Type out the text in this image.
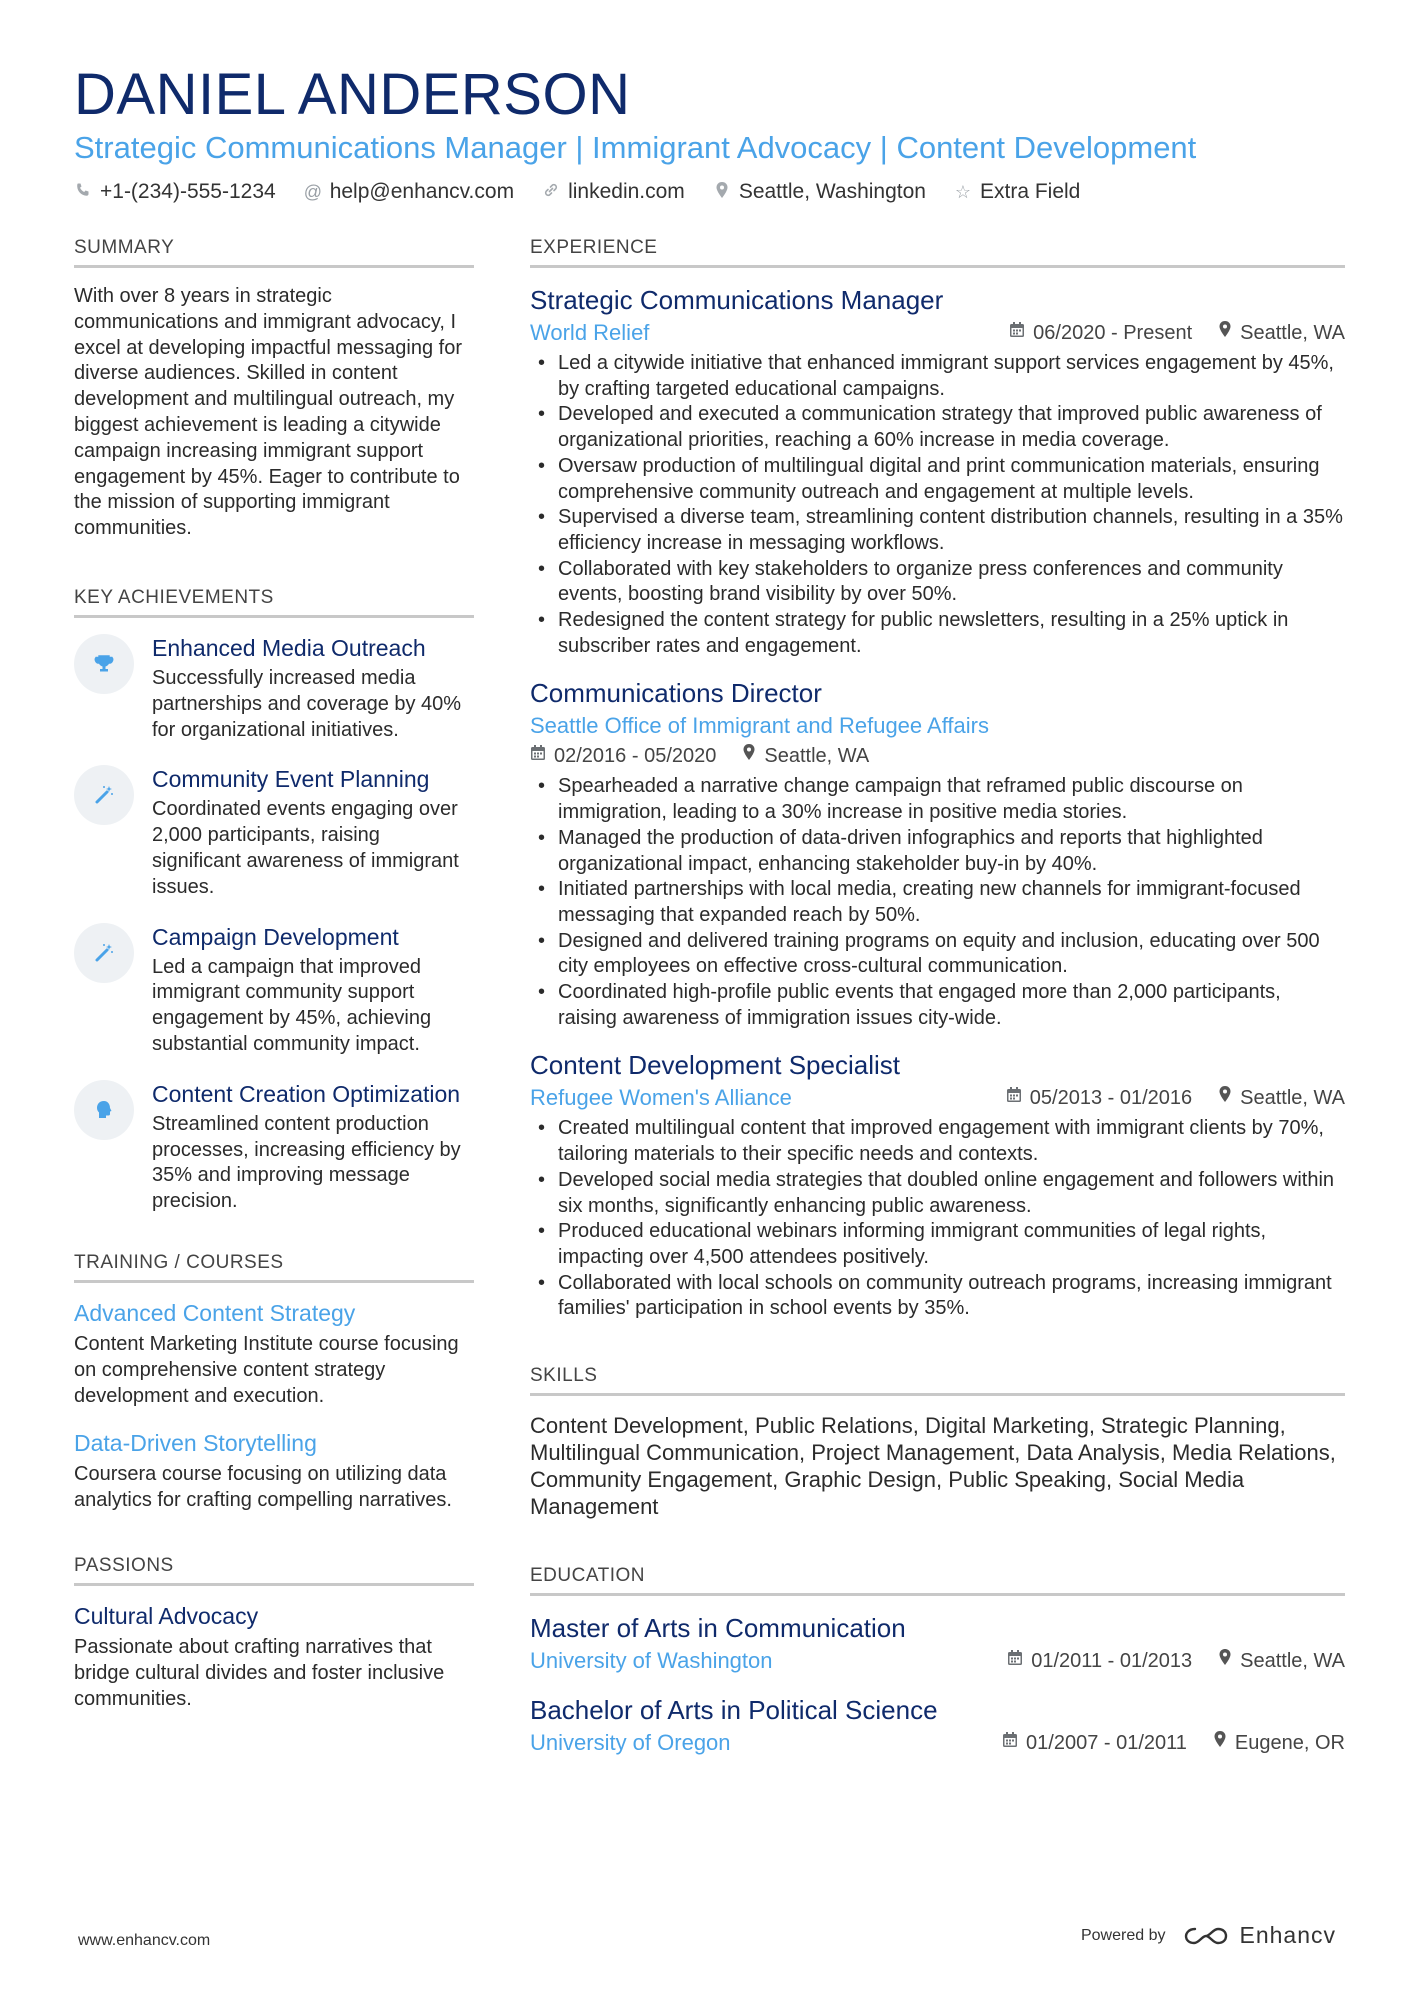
DANIEL ANDERSON
Strategic Communications Manager | Immigrant Advocacy | Content Development
+1-(234)-555-1234 @ help@enhancv.com	linkedin.com	Seattle, Washington ☆ Extra Field
SUMMARY
With over 8 years in strategic communications and immigrant advocacy, I excel at developing impactful messaging for diverse audiences. Skilled in content development and multilingual outreach, my biggest achievement is leading a citywide campaign increasing immigrant support engagement by 45%. Eager to contribute to the mission of supporting immigrant communities.
KEY ACHIEVEMENTS
Enhanced Media Outreach
Successfully increased media partnerships and coverage by 40% for organizational initiatives.
Community Event Planning
Coordinated events engaging over 2,000 participants, raising significant awareness of immigrant issues.
Campaign Development
Led a campaign that improved immigrant community support engagement by 45%, achieving substantial community impact.
Content Creation Optimization
Streamlined content production processes, increasing efficiency by 35% and improving message precision.
TRAINING / COURSES
Advanced Content Strategy
Content Marketing Institute course focusing on comprehensive content strategy development and execution.
Data-Driven Storytelling
Coursera course focusing on utilizing data analytics for crafting compelling narratives.
PASSIONS
Cultural Advocacy
Passionate about crafting narratives that bridge cultural divides and foster inclusive communities.
EXPERIENCE
Strategic Communications Manager
World Relief	06/2020 - Present Seattle, WA
• Led a citywide initiative that enhanced immigrant support services engagement by 45%, by crafting targeted educational campaigns.
• Developed and executed a communication strategy that improved public awareness of organizational priorities, reaching a 60% increase in media coverage.
• Oversaw production of multilingual digital and print communication materials, ensuring comprehensive community outreach and engagement at multiple levels.
• Supervised a diverse team, streamlining content distribution channels, resulting in a 35% efficiency increase in messaging workflows.
• Collaborated with key stakeholders to organize press conferences and community events, boosting brand visibility by over 50%.
• Redesigned the content strategy for public newsletters, resulting in a 25% uptick in subscriber rates and engagement.
Communications Director
Seattle Office of Immigrant and Refugee Affairs
02/2016 - 05/2020 Seattle, WA
• Spearheaded a narrative change campaign that reframed public discourse on immigration, leading to a 30% increase in positive media stories.
• Managed the production of data-driven infographics and reports that highlighted organizational impact, enhancing stakeholder buy-in by 40%.
• Initiated partnerships with local media, creating new channels for immigrant-focused messaging that expanded reach by 50%.
• Designed and delivered training programs on equity and inclusion, educating over 500 city employees on effective cross-cultural communication.
• Coordinated high-profile public events that engaged more than 2,000 participants, raising awareness of immigration issues city-wide.
Content Development Specialist
Refugee Women's Alliance	05/2013 - 01/2016 Seattle, WA
• Created multilingual content that improved engagement with immigrant clients by 70%, tailoring materials to their specific needs and contexts.
• Developed social media strategies that doubled online engagement and followers within six months, significantly enhancing public awareness.
• Produced educational webinars informing immigrant communities of legal rights, impacting over 4,500 attendees positively.
• Collaborated with local schools on community outreach programs, increasing immigrant families' participation in school events by 35%.
SKILLS
Content Development, Public Relations, Digital Marketing, Strategic Planning, Multilingual Communication, Project Management, Data Analysis, Media Relations, Community Engagement, Graphic Design, Public Speaking, Social Media Management
EDUCATION
Master of Arts in Communication
University of Washington	01/2011 - 01/2013 Seattle, WA
Bachelor of Arts in Political Science
University of Oregon	01/2007 - 01/2011 Eugene, OR
www.enhancv.com	Powered by	Enhancv
